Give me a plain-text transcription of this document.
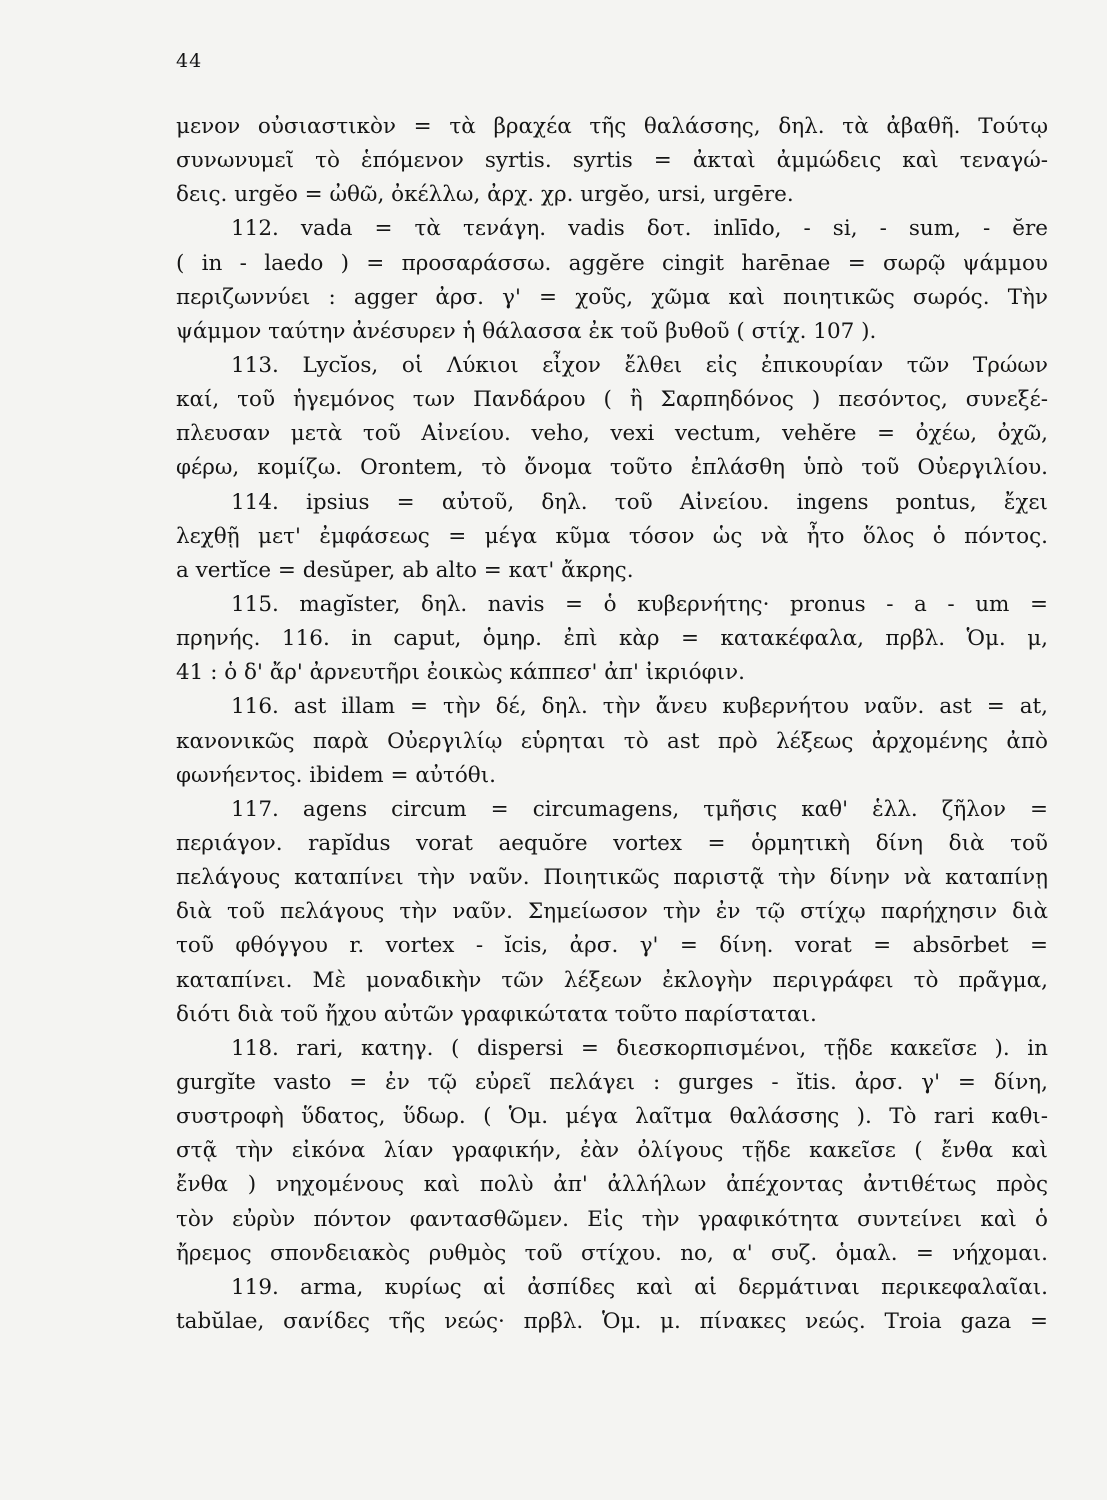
44
μενον οὐσιαστικὸν = τὰ βραχέα τῆς θαλάσσης, δηλ. τὰ ἀβαθῆ. Τούτῳ
συνωνυμεῖ τὸ ἑπόμενον syrtis. syrtis = ἀκταὶ ἀμμώδεις καὶ τεναγώ-
δεις. urgĕo = ὠθῶ, ὀκέλλω, ἀρχ. χρ. urgĕo, ursi, urgēre.
112. vada = τὰ τενάγη. vadis δοτ. inlīdo, - si, - sum, - ĕre
( in - laedo ) = προσαράσσω. aggĕre cingit harēnae = σωρῷ ψάμμου
περιζωννύει : agger ἀρσ. γ' = χοῦς, χῶμα καὶ ποιητικῶς σωρός. Τὴν
ψάμμον ταύτην ἀνέσυρεν ἡ θάλασσα ἐκ τοῦ βυθοῦ ( στίχ. 107 ).
113. Lycĭos, οἱ Λύκιοι εἶχον ἔλθει εἰς ἐπικουρίαν τῶν Τρώων
καί, τοῦ ἡγεμόνος των Πανδάρου ( ἢ Σαρπηδόνος ) πεσόντος, συνεξέ-
πλευσαν μετὰ τοῦ Αἰνείου. veho, vexi vectum, vehĕre = ὀχέω, ὀχῶ,
φέρω, κομίζω. Orontem, τὸ ὄνομα τοῦτο ἐπλάσθη ὑπὸ τοῦ Οὐεργιλίου.
114. ipsius = αὐτοῦ, δηλ. τοῦ Αἰνείου. ingens pontus, ἔχει
λεχθῇ μετ' ἐμφάσεως = μέγα κῦμα τόσον ὡς νὰ ἦτο ὅλος ὁ πόντος.
a vertĭce = desŭper, ab alto = κατ' ἄκρης.
115. magĭster, δηλ. navis = ὁ κυβερνήτης· pronus - a - um =
πρηνής. 116. in caput, ὁμηρ. ἐπὶ κὰρ = κατακέφαλα, πρβλ. Ὁμ. μ,
41 : ὁ δ' ἄρ' ἀρνευτῆρι ἐοικὼς κάππεσ' ἀπ' ἰκριόφιν.
116. ast illam = τὴν δέ, δηλ. τὴν ἄνευ κυβερνήτου ναῦν. ast = at,
κανονικῶς παρὰ Οὐεργιλίῳ εὑρηται τὸ ast πρὸ λέξεως ἀρχομένης ἀπὸ
φωνήεντος. ibidem = αὐτόθι.
117. agens circum = circumagens, τμῆσις καθ' ἑλλ. ζῆλον =
περιάγον. rapĭdus vorat aequŏre vortex = ὁρμητικὴ δίνη διὰ τοῦ
πελάγους καταπίνει τὴν ναῦν. Ποιητικῶς παριστᾷ τὴν δίνην νὰ καταπίνῃ
διὰ τοῦ πελάγους τὴν ναῦν. Σημείωσον τὴν ἐν τῷ στίχῳ παρήχησιν διὰ
τοῦ φθόγγου r. vortex - ĭcis, ἀρσ. γ' = δίνη. vorat = absōrbet =
καταπίνει. Μὲ μοναδικὴν τῶν λέξεων ἐκλογὴν περιγράφει τὸ πρᾶγμα,
διότι διὰ τοῦ ἤχου αὐτῶν γραφικώτατα τοῦτο παρίσταται.
118. rari, κατηγ. ( dispersi = διεσκορπισμένοι, τῇδε κακεῖσε ). in
gurgĭte vasto = ἐν τῷ εὐρεῖ πελάγει : gurges - ĭtis. ἀρσ. γ' = δίνη,
συστροφὴ ὕδατος, ὕδωρ. ( Ὁμ. μέγα λαῖτμα θαλάσσης ). Τὸ rari καθι-
στᾷ τὴν εἰκόνα λίαν γραφικήν, ἐὰν ὀλίγους τῇδε κακεῖσε ( ἔνθα καὶ
ἔνθα ) νηχομένους καὶ πολὺ ἀπ' ἀλλήλων ἀπέχοντας ἀντιθέτως πρὸς
τὸν εὐρὺν πόντον φαντασθῶμεν. Εἰς τὴν γραφικότητα συντείνει καὶ ὁ
ἤρεμος σπονδειακὸς ρυθμὸς τοῦ στίχου. no, α' συζ. ὁμαλ. = νήχομαι.
119. arma, κυρίως αἱ ἀσπίδες καὶ αἱ δερμάτιναι περικεφαλαῖαι.
tabŭlae, σανίδες τῆς νεώς· πρβλ. Ὁμ. μ. πίνακες νεώς. Troia gaza =
